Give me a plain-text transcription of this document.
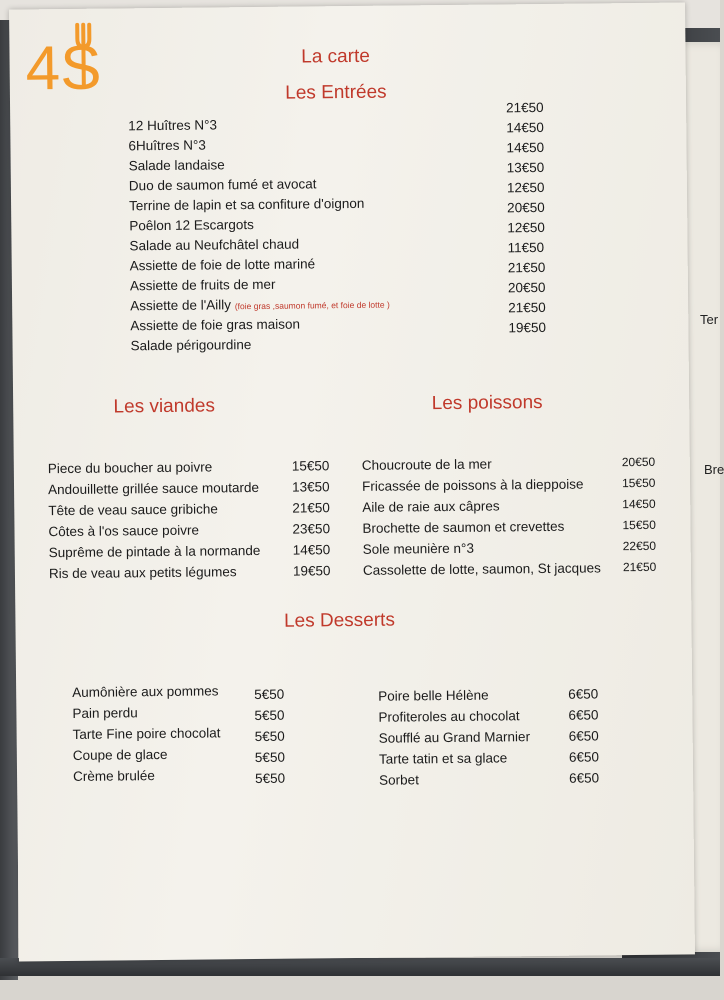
Ter
Bre
4S	La carte
Les Entrées
12 Huîtres N°3
6Huîtres N°3
Salade landaise
Duo de saumon fumé et avocat
Terrine de lapin et sa confiture d'oignon
Poêlon 12 Escargots
Salade au Neufchâtel chaud
Assiette de foie de lotte mariné
Assiette de fruits de mer
Assiette de l'Ailly (foie gras ,saumon fumé, et foie de lotte )
Assiette de foie gras maison
Salade périgourdine
21€50
14€50
14€50
13€50
12€50
20€50
12€50
11€50
21€50
20€50
21€50
19€50
Les viandes
Piece du boucher au poivre
Andouillette grillée sauce moutarde
Tête de veau sauce gribiche
Côtes à l'os sauce poivre
Suprême de pintade à la normande
Ris de veau aux petits légumes
15€50
13€50
21€50
23€50
14€50
19€50
Les poissons
Choucroute de la mer
Fricassée de poissons à la dieppoise
Aile de raie aux câpres
Brochette de saumon et crevettes
Sole meunière n°3
Cassolette de lotte, saumon, St jacques
20€50
15€50
14€50
15€50
22€50
21€50
Les Desserts
Aumônière aux pommes
Pain perdu
Tarte Fine poire chocolat
Coupe de glace
Crème brulée
5€50
5€50
5€50
5€50
5€50
Poire belle Hélène
Profiteroles au chocolat
Soufflé au Grand Marnier
Tarte tatin et sa glace
Sorbet
6€50
6€50
6€50
6€50
6€50
